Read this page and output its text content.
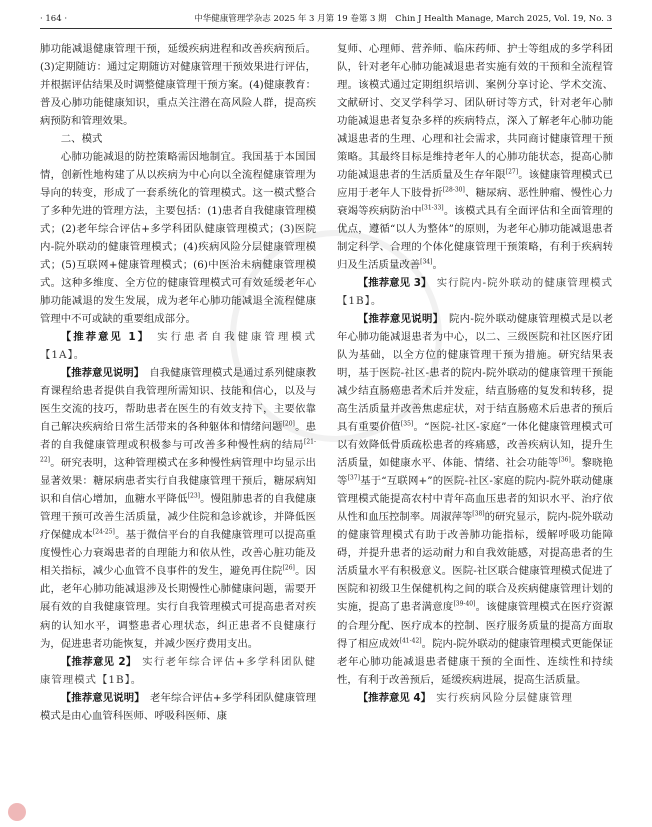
· 164 ·	中华健康管理学杂志 2025 年 3 月第 19 卷第 3 期　Chin J Health Manage, March 2025, Vol. 19, No. 3

肺功能减退健康管理干预，延缓疾病进程和改善疾病预后。(3)定期随访：通过定期随访对健康管理干预效果进行评估，并根据评估结果及时调整健康管理干预方案。(4)健康教育：普及心肺功能健康知识，重点关注潜在高风险人群，提高疾病预防和管理效果。

二、模式

心肺功能减退的防控策略需因地制宜。我国基于本国国情，创新性地构建了从以疾病为中心向以全流程健康管理为导向的转变，形成了一套系统化的管理模式。这一模式整合了多种先进的管理方法，主要包括：(1)患者自我健康管理模式；(2)老年综合评估+多学科团队健康管理模式；(3)医院内-院外联动的健康管理模式；(4)疾病风险分层健康管理模式；(5)互联网+健康管理模式；(6)中医治未病健康管理模式。这种多维度、全方位的健康管理模式可有效延缓老年心肺功能减退的发生发展，成为老年心肺功能减退全流程健康管理中不可或缺的重要组成部分。

【推荐意见 1】　 实行患者自我健康管理模式【1A】。

【推荐意见说明】　 自我健康管理模式是通过系列健康教育课程给患者提供自我管理所需知识、技能和信心，以及与医生交流的技巧，帮助患者在医生的有效支持下，主要依靠自己解决疾病给日常生活带来的各种躯体和情绪问题[20]。患者的自我健康管理或积极参与可改善多种慢性病的结局[21-22]。研究表明，这种管理模式在多种慢性病管理中均显示出显著效果：糖尿病患者实行自我健康管理干预后，糖尿病知识和自信心增加，血糖水平降低[23]。慢阻肺患者的自我健康管理干预可改善生活质量，减少住院和急诊就诊，并降低医疗保健成本[24-25]。基于微信平台的自我健康管理可以提高重度慢性心力衰竭患者的自理能力和依从性，改善心脏功能及相关指标，减少心血管不良事件的发生，避免再住院[26]。因此，老年心肺功能减退涉及长期慢性心肺健康问题，需要开展有效的自我健康管理。实行自我管理模式可提高患者对疾病的认知水平，调整患者心理状态，纠正患者不良健康行为，促进患者功能恢复，并减少医疗费用支出。

【推荐意见 2】　 实行老年综合评估+多学科团队健康管理模式【1B】。

【推荐意见说明】　 老年综合评估+多学科团队健康管理模式是由心血管科医师、呼吸科医师、康

复师、心理师、营养师、临床药师、护士等组成的多学科团队，针对老年心肺功能减退患者实施有效的干预和全流程管理。该模式通过定期组织培训、案例分享讨论、学术交流、文献研讨、交叉学科学习、团队研讨等方式，针对老年心肺功能减退患者复杂多样的疾病特点，深入了解老年心肺功能减退患者的生理、心理和社会需求，共同商讨健康管理干预策略。其最终目标是维持老年人的心肺功能状态，提高心肺功能减退患者的生活质量及生存年限[27]。该健康管理模式已应用于老年人下肢骨折[28-30]、糖尿病、恶性肿瘤、慢性心力衰竭等疾病防治中[31-33]。该模式具有全面评估和全面管理的优点，遵循“以人为整体”的原则，为老年心肺功能减退患者制定科学、合理的个体化健康管理干预策略，有利于疾病转归及生活质量改善[34]。

【推荐意见 3】　 实行院内-院外联动的健康管理模式【1B】。

【推荐意见说明】　 院内-院外联动健康管理模式是以老年心肺功能减退患者为中心，以二、三级医院和社区医疗团队为基础，以全方位的健康管理干预为措施。研究结果表明，基于医院-社区-患者的院内-院外联动的健康管理干预能减少结直肠癌患者术后并发症，结直肠癌的复发和转移，提高生活质量并改善焦虑症状，对于结直肠癌术后患者的预后具有重要价值[35]。“医院-社区-家庭”一体化健康管理模式可以有效降低骨质疏松患者的疼痛感，改善疾病认知，提升生活质量，如健康水平、体能、情绪、社会功能等[36]。黎晓艳等[37]基于“互联网+”的医院-社区-家庭的院内-院外联动健康管理模式能提高农村中青年高血压患者的知识水平、治疗依从性和血压控制率。周淑萍等[38]的研究显示，院内-院外联动的健康管理模式有助于改善肺功能指标，缓解呼吸功能障碍，并提升患者的运动耐力和自我效能感，对提高患者的生活质量水平有积极意义。医院-社区联合健康管理模式促进了医院和初级卫生保健机构之间的联合及疾病健康管理计划的实施，提高了患者满意度[39-40]。该健康管理模式在医疗资源的合理分配、医疗成本的控制、医疗服务质量的提高方面取得了相应成效[41-42]。院内-院外联动的健康管理模式更能保证老年心肺功能减退患者健康干预的全面性、连续性和持续性，有利于改善预后，延缓疾病进展，提高生活质量。

【推荐意见 4】　 实行疾病风险分层健康管理
